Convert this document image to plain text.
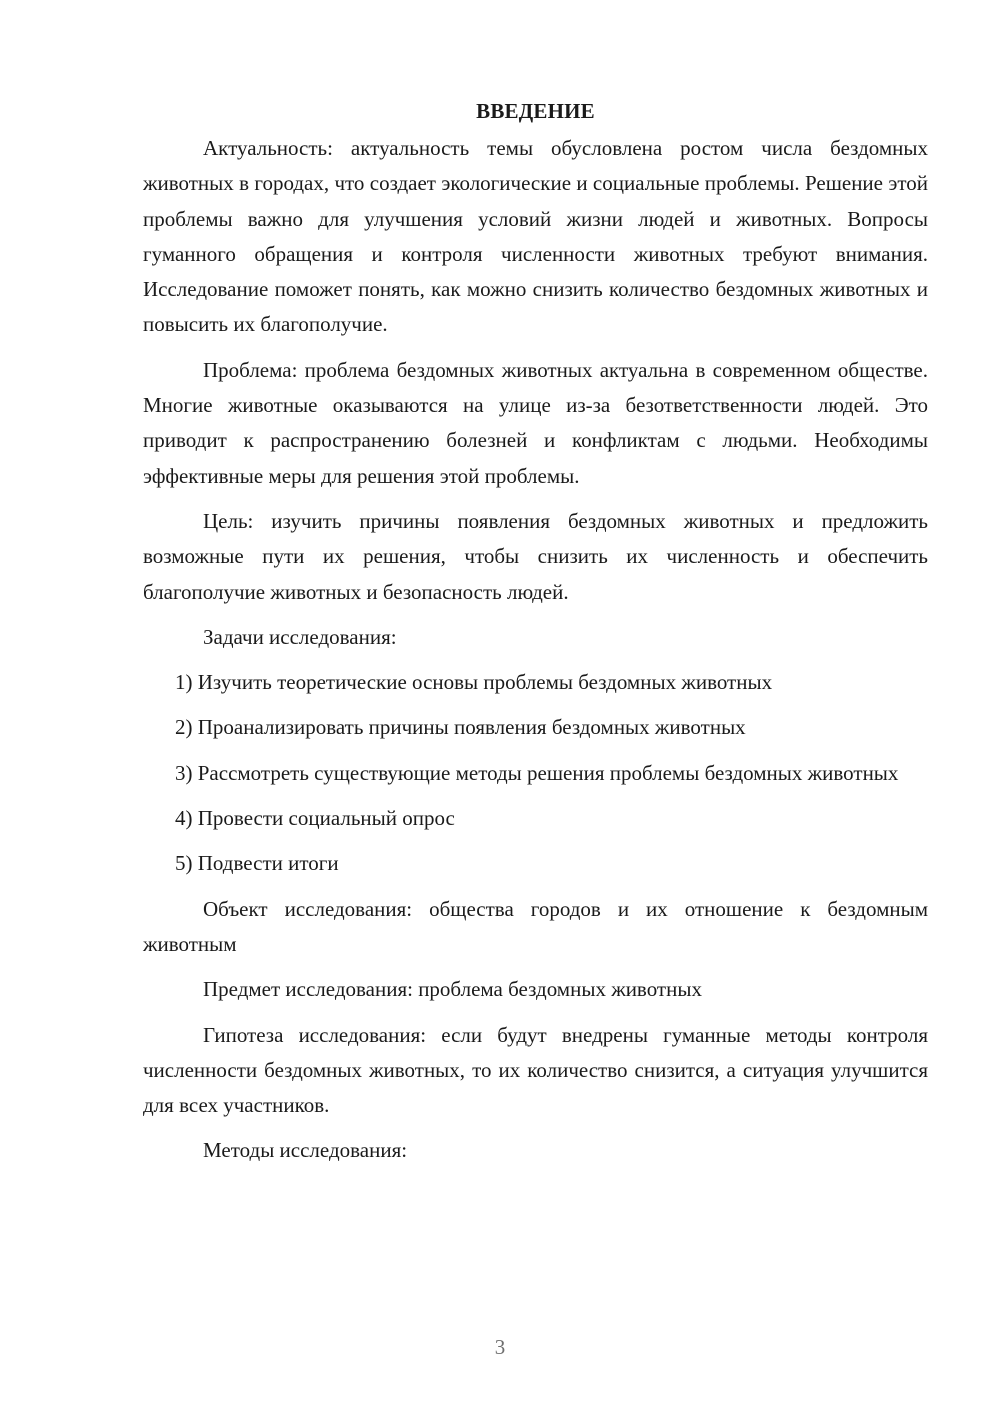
ВВЕДЕНИЕ

Актуальность: актуальность темы обусловлена ростом числа бездомных животных в городах, что создает экологические и социальные проблемы. Решение этой проблемы важно для улучшения условий жизни людей и животных. Вопросы гуманного обращения и контроля численности животных требуют внимания. Исследование поможет понять, как можно снизить количество бездомных животных и повысить их благополучие.

Проблема: проблема бездомных животных актуальна в современном обществе. Многие животные оказываются на улице из-за безответственности людей. Это приводит к распространению болезней и конфликтам с людьми. Необходимы эффективные меры для решения этой проблемы.

Цель: изучить причины появления бездомных животных и предложить возможные пути их решения, чтобы снизить их численность и обеспечить благополучие животных и безопасность людей.

Задачи исследования:

1) Изучить теоретические основы проблемы бездомных животных

2) Проанализировать причины появления бездомных животных

3) Рассмотреть существующие методы решения проблемы бездомных животных

4) Провести социальный опрос

5) Подвести итоги

Объект исследования: общества городов и их отношение к бездомным животным

Предмет исследования: проблема бездомных животных

Гипотеза исследования: если будут внедрены гуманные методы контроля численности бездомных животных, то их количество снизится, а ситуация улучшится для всех участников.

Методы исследования:

3
